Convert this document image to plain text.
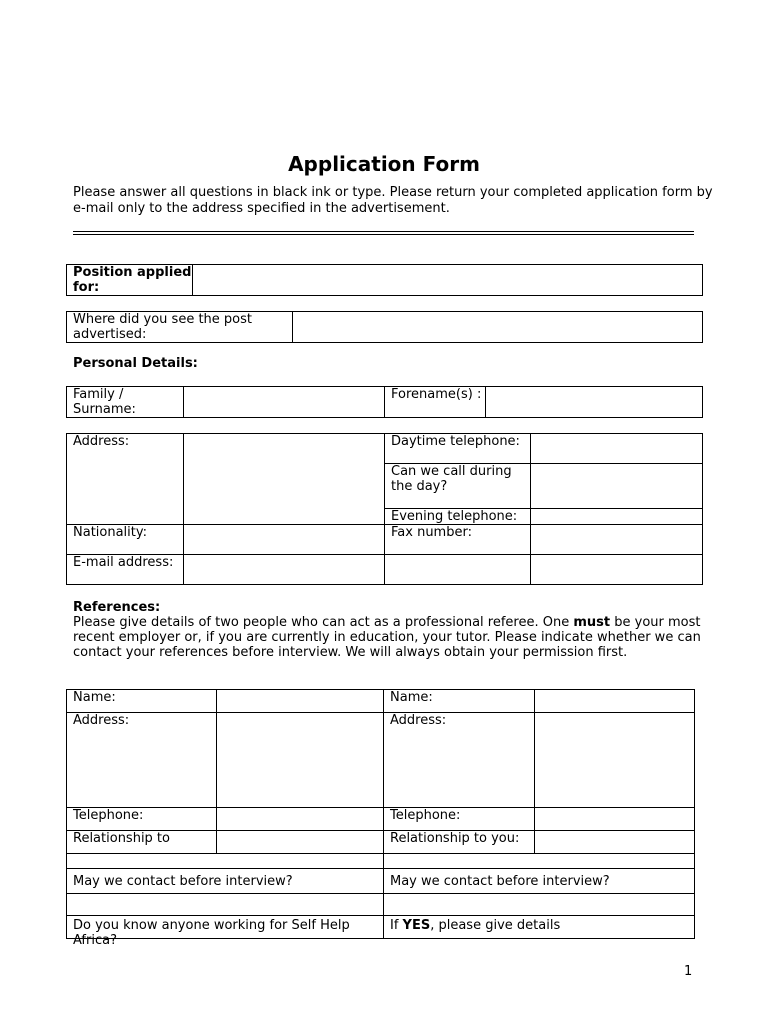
Application Form
Please answer all questions in black ink or type. Please return your completed application form by e-mail only to the address specified in the advertisement.
Position applied for:	
Where did you see the post advertised:	
Personal Details:
Family / Surname:		Forename(s) :	
Address:		Daytime telephone:	
		Can we call during the day?	
		Evening telephone:	
Nationality:		Fax number:	
E-mail address:			
References:
Please give details of two people who can act as a professional referee. One must be your most recent employer or, if you are currently in education, your tutor. Please indicate whether we can contact your references before interview. We will always obtain your permission first.
Name:		Name:	
Address:		Address:	
Telephone:		Telephone:	
Relationship to		Relationship to you:	

May we contact before interview?		May we contact before interview?	

Do you know anyone working for Self Help Africa?		If YES, please give details	
1
